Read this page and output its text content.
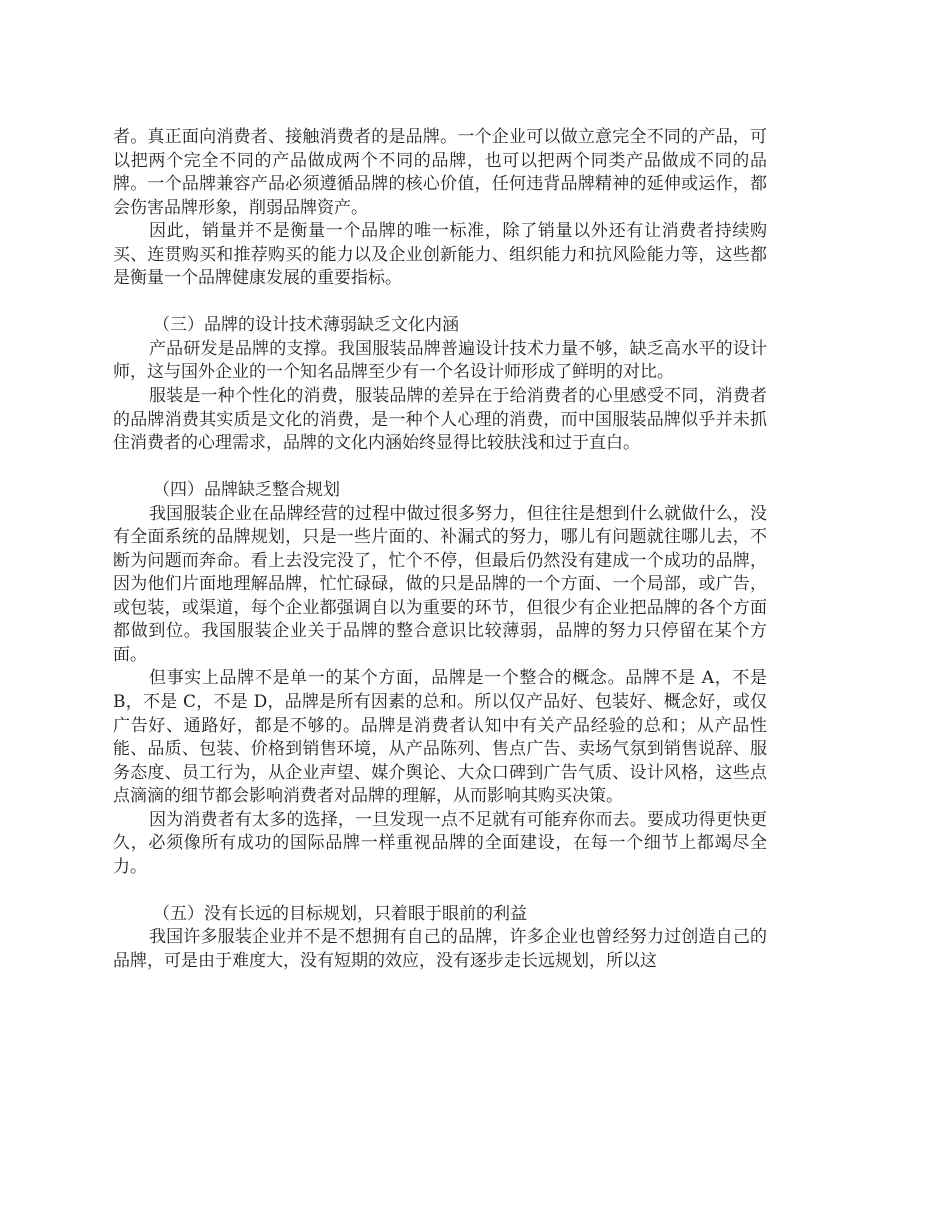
者。真正面向消费者、接触消费者的是品牌。一个企业可以做立意完全不同的产品，可以把两个完全不同的产品做成两个不同的品牌，也可以把两个同类产品做成不同的品牌。一个品牌兼容产品必须遵循品牌的核心价值，任何违背品牌精神的延伸或运作，都会伤害品牌形象，削弱品牌资产。

因此，销量并不是衡量一个品牌的唯一标准，除了销量以外还有让消费者持续购买、连贯购买和推荐购买的能力以及企业创新能力、组织能力和抗风险能力等，这些都是衡量一个品牌健康发展的重要指标。

（三）品牌的设计技术薄弱缺乏文化内涵

产品研发是品牌的支撑。我国服装品牌普遍设计技术力量不够，缺乏高水平的设计师，这与国外企业的一个知名品牌至少有一个名设计师形成了鲜明的对比。

服装是一种个性化的消费，服装品牌的差异在于给消费者的心里感受不同，消费者的品牌消费其实质是文化的消费，是一种个人心理的消费，而中国服装品牌似乎并未抓住消费者的心理需求，品牌的文化内涵始终显得比较肤浅和过于直白。

（四）品牌缺乏整合规划

我国服装企业在品牌经营的过程中做过很多努力，但往往是想到什么就做什么，没有全面系统的品牌规划，只是一些片面的、补漏式的努力，哪儿有问题就往哪儿去，不断为问题而奔命。看上去没完没了，忙个不停，但最后仍然没有建成一个成功的品牌，因为他们片面地理解品牌，忙忙碌碌，做的只是品牌的一个方面、一个局部，或广告，或包装，或渠道，每个企业都强调自以为重要的环节，但很少有企业把品牌的各个方面都做到位。我国服装企业关于品牌的整合意识比较薄弱，品牌的努力只停留在某个方面。

但事实上品牌不是单一的某个方面，品牌是一个整合的概念。品牌不是 A，不是 B，不是 C，不是 D，品牌是所有因素的总和。所以仅产品好、包装好、概念好，或仅广告好、通路好，都是不够的。品牌是消费者认知中有关产品经验的总和；从产品性能、品质、包装、价格到销售环境，从产品陈列、售点广告、卖场气氛到销售说辞、服务态度、员工行为，从企业声望、媒介舆论、大众口碑到广告气质、设计风格，这些点点滴滴的细节都会影响消费者对品牌的理解，从而影响其购买决策。

因为消费者有太多的选择，一旦发现一点不足就有可能弃你而去。要成功得更快更久，必须像所有成功的国际品牌一样重视品牌的全面建设，在每一个细节上都竭尽全力。

（五）没有长远的目标规划，只着眼于眼前的利益

我国许多服装企业并不是不想拥有自己的品牌，许多企业也曾经努力过创造自己的品牌，可是由于难度大，没有短期的效应，没有逐步走长远规划，所以这
